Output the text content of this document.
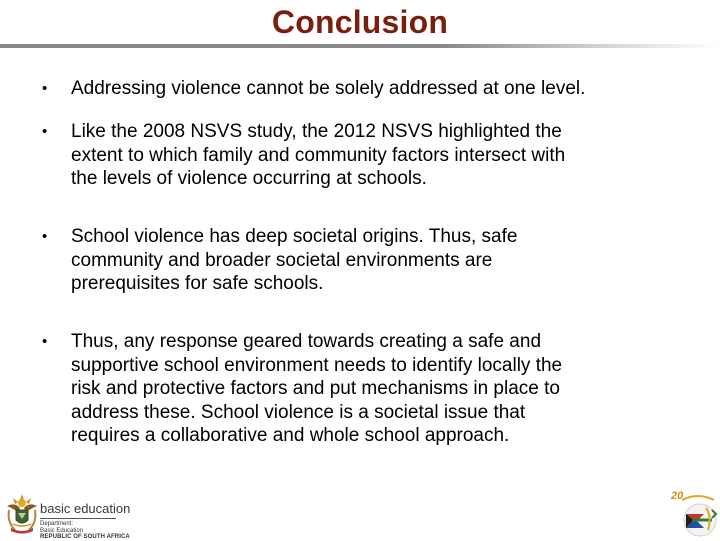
Conclusion
• Addressing violence cannot be solely addressed at one level.
• Like the 2008 NSVS study, the 2012 NSVS highlighted the
extent to which family and community factors intersect with
the levels of violence occurring at schools.
• School violence has deep societal origins. Thus, safe
community and broader societal environments are
prerequisites for safe schools.
• Thus, any response geared towards creating a safe and
supportive school environment needs to identify locally the
risk and protective factors and put mechanisms in place to
address these. School violence is a societal issue that
requires a collaborative and whole school approach.
basic education
Department:
Basic Education
REPUBLIC OF SOUTH AFRICA
20
